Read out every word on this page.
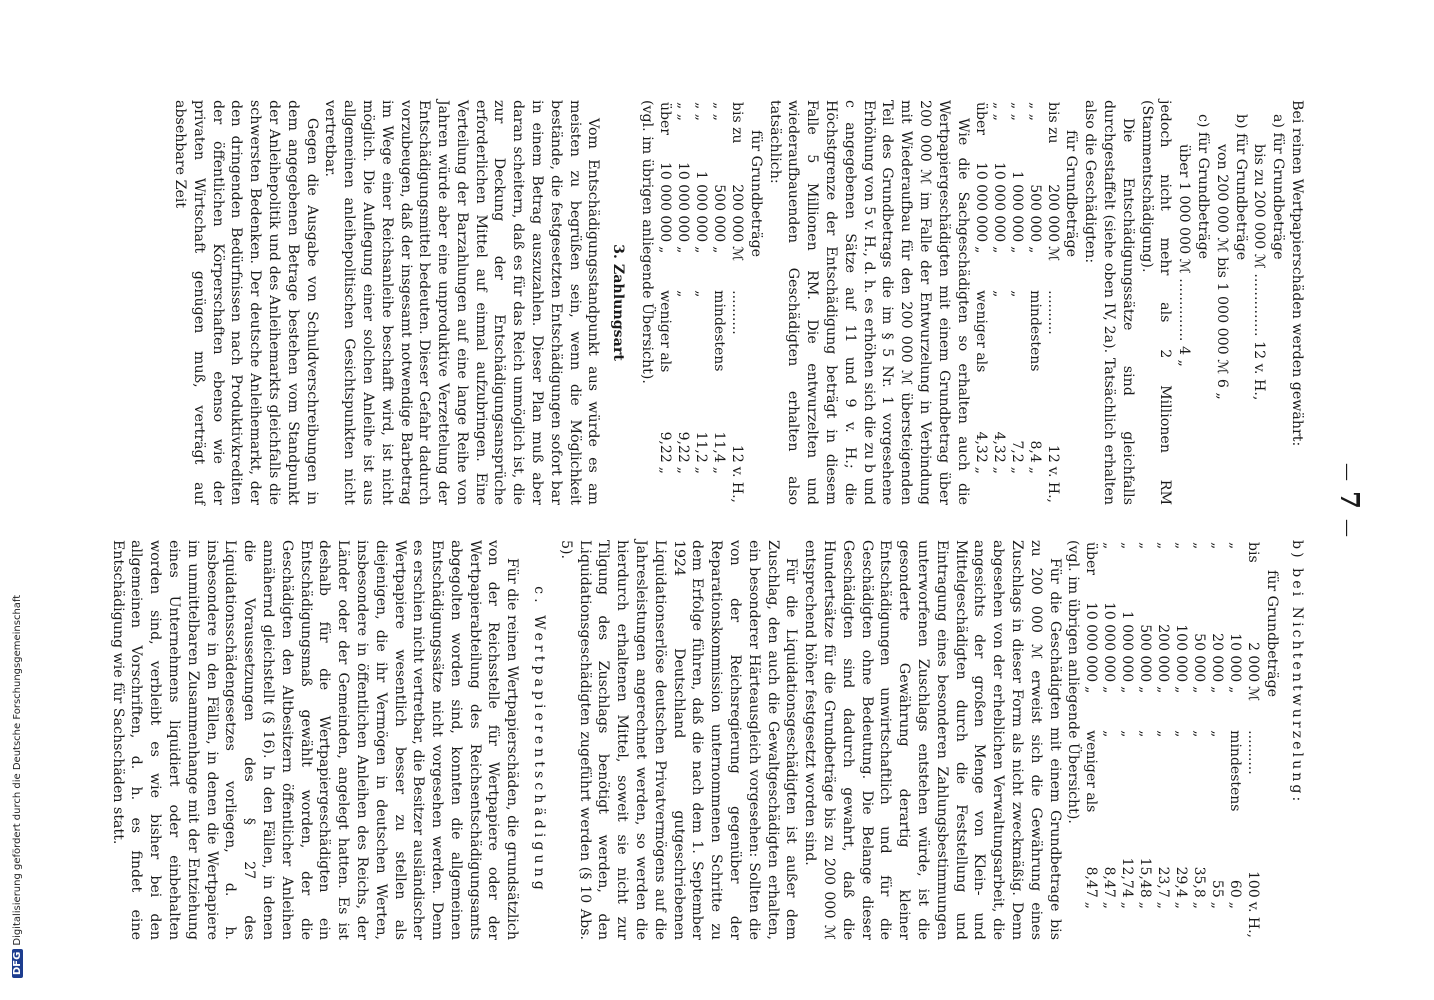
—7—

Bei reinen Wertpapierschäden werden gewährt:

a) für Grundbeträge
bis zu 200 000 ℳ .............. 12 v. H.,
b) für Grundbeträge
von 200 000 ℳ bis 1 000 000 ℳ 6 „
c) für Grundbeträge
über 1 000 000 ℳ .............. 4 „

jedoch nicht mehr als 2 Millionen RM (Stammentschädigung).

Die Entschädigungssätze sind gleichfalls durchgestaffelt (siehe oben IV, 2a). Tatsächlich erhalten also die Geschädigten:

für Grundbeträge
bis zu	200 000	ℳ	..........	12	v. H.,
„ „	500 000	„	mindestens	8,4	„
„ „	1 000 000	„	„	7,2	„
„ „	10 000 000	„	„	4,32	„
über	10 000 000	„	weniger als	4,32	„

Wie die Sachgeschädigten so erhalten auch die Wertpapiergeschädigten mit einem Grundbetrag über 200 000 ℳ im Falle der Entwurzelung in Verbindung mit Wiederaufbau für den 200 000 ℳ übersteigenden Teil des Grundbetrags die im § 5 Nr. 1 vorgesehene Erhöhung von 5 v. H., d. h. es erhöhen sich die zu b und c angegebenen Sätze auf 11 und 9 v. H.; die Höchstgrenze der Entschädigung beträgt in diesem Falle 5 Millionen RM. Die entwurzelten und wiederaufbauenden Geschädigten erhalten also tatsächlich:

für Grundbeträge
bis zu	200 000	ℳ	..........	12	v. H.,
„ „	500 000	„	mindestens	11,4	„
„ „	1 000 000	„	„	11,2	„
„ „	10 000 000	„	„	9,22	„
über	10 000 000	„	weniger als	9,22	„

(vgl. im übrigen anliegende Übersicht).

3. Zahlungsart

Vom Entschädigungsstandpunkt aus würde es am meisten zu begrüßen sein, wenn die Möglichkeit bestände, die festgesetzten Entschädigungen sofort bar in einem Betrag auszuzahlen. Dieser Plan muß aber daran scheitern, daß es für das Reich unmöglich ist, die zur Deckung der Entschädigungsansprüche erforderlichen Mittel auf einmal aufzubringen. Eine Verteilung der Barzahlungen auf eine lange Reihe von Jahren würde aber eine unproduktive Verzettelung der Entschädigungsmittel bedeuten. Dieser Gefahr dadurch vorzubeugen, daß der insgesamt notwendige Barbetrag im Wege einer Reichsanleihe beschafft wird, ist nicht möglich. Die Auflegung einer solchen Anleihe ist aus allgemeinen anleihepolitischen Gesichtspunkten nicht vertretbar.

Gegen die Ausgabe von Schuldverschreibungen in dem angegebenen Betrage bestehen vom Standpunkt der Anleihepolitik und des Anleihemarkts gleichfalls die schwersten Bedenken. Der deutsche Anleihemarkt, der den dringenden Bedürfnissen nach Produktivkrediten der öffentlichen Körperschaften ebenso wie der privaten Wirtschaft genügen muß, verträgt auf absehbare Zeit

b) bei Nichtentwurzelung:
für Grundbeträge
bis	2 000	ℳ	..........	100	v. H.,
„	10 000	„	mindestens	60	„
„	20 000	„	„	55	„
„	50 000	„	„	35,8	„
„	100 000	„	„	29,4	„
„	200 000	„	„	23,7	„
„	500 000	„	„	15,48	„
„	1 000 000	„	„	12,74	„
„	10 000 000	„	„	8,47	„
über	10 000 000	„	weniger als	8,47	„

(vgl. im übrigen anliegende Übersicht).

Für die Geschädigten mit einem Grundbetrage bis zu 200 000 ℳ erweist sich die Gewährung eines Zuschlags in dieser Form als nicht zweckmäßig. Denn abgesehen von der erheblichen Verwaltungsarbeit, die angesichts der großen Menge von Klein- und Mittelgeschädigten durch die Feststellung und Eintragung eines besonderen Zahlungsbestimmungen unterworfenen Zuschlags entstehen würde, ist die gesonderte Gewährung derartig kleiner Entschädigungen unwirtschaftlich und für die Geschädigten ohne Bedeutung. Die Belange dieser Geschädigten sind dadurch gewahrt, daß die Hundertsätze für die Grundbeträge bis zu 200 000 ℳ entsprechend höher festgesetzt worden sind.

Für die Liquidationsgeschädigten ist außer dem Zuschlag, den auch die Gewaltgeschädigten erhalten, ein besonderer Härteausgleich vorgesehen: Sollten die von der Reichsregierung gegenüber der Reparationskommission unternommenen Schritte zu dem Erfolge führen, daß die nach dem 1. September 1924 Deutschland gutgeschriebenen Liquidationserlöse deutschen Privatvermögens auf die Jahresleistungen angerechnet werden, so werden die hierdurch erhaltenen Mittel, soweit sie nicht zur Tilgung des Zuschlags benötigt werden, den Liquidationsgeschädigten zugeführt werden (§ 10 Abs. 5).

c. Wertpapierentschädigung

Für die reinen Wertpapierschäden, die grundsätzlich von der Reichsstelle für Wertpapiere oder der Wertpapierabteilung des Reichsentschädigungsamts abgegolten worden sind, konnten die allgemeinen Entschädigungssätze nicht vorgesehen werden. Denn es erschien nicht vertretbar, die Besitzer ausländischer Wertpapiere wesentlich besser zu stellen als diejenigen, die ihr Vermögen in deutschen Werten, insbesondere in öffentlichen Anleihen des Reichs, der Länder oder der Gemeinden, angelegt hatten. Es ist deshalb für die Wertpapiergeschädigten ein Entschädigungsmaß gewählt worden, der die Geschädigten den Altbesitzern öffentlicher Anleihen annähernd gleichstellt (§ 16). In den Fällen, in denen die Voraussetzungen des § 27 des Liquidationsschädengesetzes vorliegen, d. h. insbesondere in den Fällen, in denen die Wertpapiere im unmittelbaren Zusammenhange mit der Entziehung eines Unternehmens liquidiert oder einbehalten worden sind, verbleibt es wie bisher bei den allgemeinen Vorschriften, d. h. es findet eine Entschädigung wie für Sachschäden statt.

DFGDigitalisierung gefördert durch die Deutsche Forschungsgemeinschaft
